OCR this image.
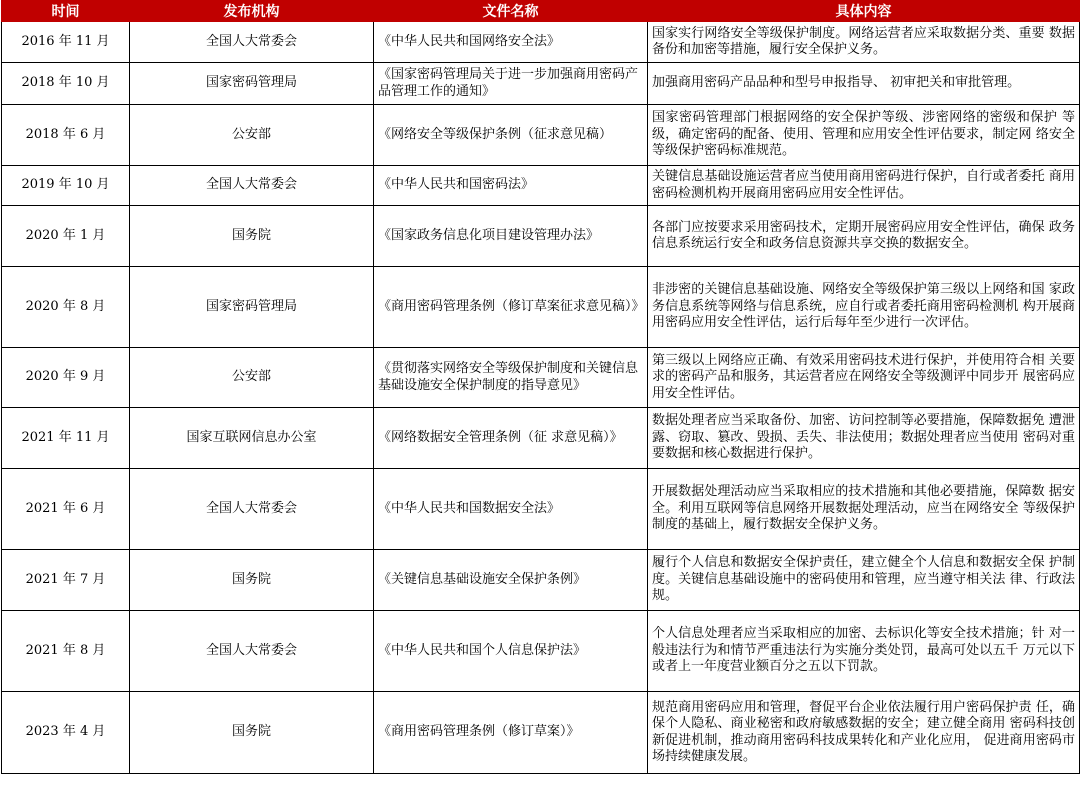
时间	发布机构	文件名称	具体内容
2016 年 11 月	全国人大常委会	《中华人民共和国网络安全法》	国家实行网络安全等级保护制度。网络运营者应采取数据分类、重要 数据备份和加密等措施，履行安全保护义务。
2018 年 10 月	国家密码管理局	《国家密码管理局关于进一步加强商用密码产品管理工作的通知》	加强商用密码产品品种和型号申报指导、 初审把关和审批管理。
2018 年 6 月	公安部	《网络安全等级保护条例（征求意见稿）	国家密码管理部门根据网络的安全保护等级、涉密网络的密级和保护 等级，确定密码的配备、使用、管理和应用安全性评估要求，制定网 络安全等级保护密码标准规范。
2019 年 10 月	全国人大常委会	《中华人民共和国密码法》	关键信息基础设施运营者应当使用商用密码进行保护，自行或者委托 商用密码检测机构开展商用密码应用安全性评估。
2020 年 1 月	国务院	《国家政务信息化项目建设管理办法》	各部门应按要求采用密码技术，定期开展密码应用安全性评估，确保 政务信息系统运行安全和政务信息资源共享交换的数据安全。
2020 年 8 月	国家密码管理局	《商用密码管理条例（修订草案征求意见稿）》	非涉密的关键信息基础设施、网络安全等级保护第三级以上网络和国 家政务信息系统等网络与信息系统，应自行或者委托商用密码检测机 构开展商用密码应用安全性评估，运行后每年至少进行一次评估。
2020 年 9 月	公安部	《贯彻落实网络安全等级保护制度和关键信息基础设施安全保护制度的指导意见》	第三级以上网络应正确、有效采用密码技术进行保护，并使用符合相 关要求的密码产品和服务，其运营者应在网络安全等级测评中同步开 展密码应用安全性评估。
2021 年 11 月	国家互联网信息办公室	《网络数据安全管理条例（征 求意见稿）》	数据处理者应当采取备份、加密、访问控制等必要措施，保障数据免 遭泄露、窃取、篡改、毁损、丢失、非法使用；数据处理者应当使用 密码对重要数据和核心数据进行保护。
2021 年 6 月	全国人大常委会	《中华人民共和国数据安全法》	开展数据处理活动应当采取相应的技术措施和其他必要措施，保障数 据安全。利用互联网等信息网络开展数据处理活动，应当在网络安全 等级保护制度的基础上，履行数据安全保护义务。
2021 年 7 月	国务院	《关键信息基础设施安全保护条例》	履行个人信息和数据安全保护责任，建立健全个人信息和数据安全保 护制度。关键信息基础设施中的密码使用和管理，应当遵守相关法 律、行政法规。
2021 年 8 月	全国人大常委会	《中华人民共和国个人信息保护法》	个人信息处理者应当采取相应的加密、去标识化等安全技术措施；针 对一般违法行为和情节严重违法行为实施分类处罚，最高可处以五千 万元以下或者上一年度营业额百分之五以下罚款。
2023 年 4 月	国务院	《商用密码管理条例（修订草案）》	规范商用密码应用和管理，督促平台企业依法履行用户密码保护责 任，确保个人隐私、商业秘密和政府敏感数据的安全；建立健全商用 密码科技创新促进机制，推动商用密码科技成果转化和产业化应用， 促进商用密码市场持续健康发展。
